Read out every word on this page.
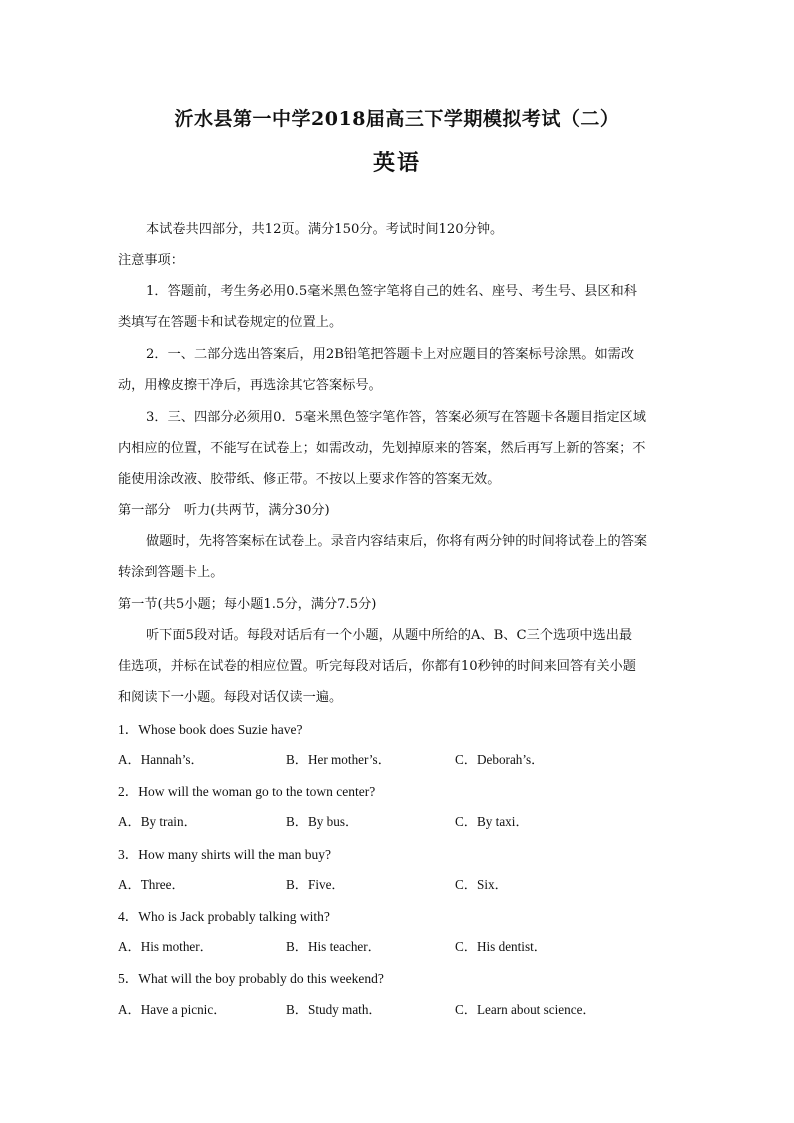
沂水县第一中学2018届高三下学期模拟考试（二）
英语
本试卷共四部分，共12页。满分150分。考试时间120分钟。
注意事项：
1．答题前，考生务必用0.5毫米黑色签字笔将自己的姓名、座号、考生号、县区和科
类填写在答题卡和试卷规定的位置上。
2．一、二部分选出答案后，用2B铅笔把答题卡上对应题目的答案标号涂黑。如需改
动，用橡皮擦干净后，再选涂其它答案标号。
3．三、四部分必须用0．5毫米黑色签字笔作答，答案必须写在答题卡各题目指定区域
内相应的位置，不能写在试卷上；如需改动，先划掉原来的答案，然后再写上新的答案；不
能使用涂改液、胶带纸、修正带。不按以上要求作答的答案无效。
第一部分　听力(共两节，满分30分)
做题时，先将答案标在试卷上。录音内容结束后，你将有两分钟的时间将试卷上的答案
转涂到答题卡上。
第一节(共5小题；每小题1.5分，满分7.5分)
听下面5段对话。每段对话后有一个小题，从题中所给的A、B、C三个选项中选出最
佳选项，并标在试卷的相应位置。听完每段对话后，你都有10秒钟的时间来回答有关小题
和阅读下一小题。每段对话仅读一遍。
1．Whose book does Suzie have?
A．Hannah’s．	B．Her mother’s．	C．Deborah’s．
2．How will the woman go to the town center?
A．By train．	B．By bus．	C．By taxi．
3．How many shirts will the man buy?
A．Three．	B．Five．	C．Six．
4．Who is Jack probably talking with?
A．His mother．	B．His teacher．	C．His dentist．
5．What will the boy probably do this weekend?
A．Have a picnic．	B．Study math．	C．Learn about science．
